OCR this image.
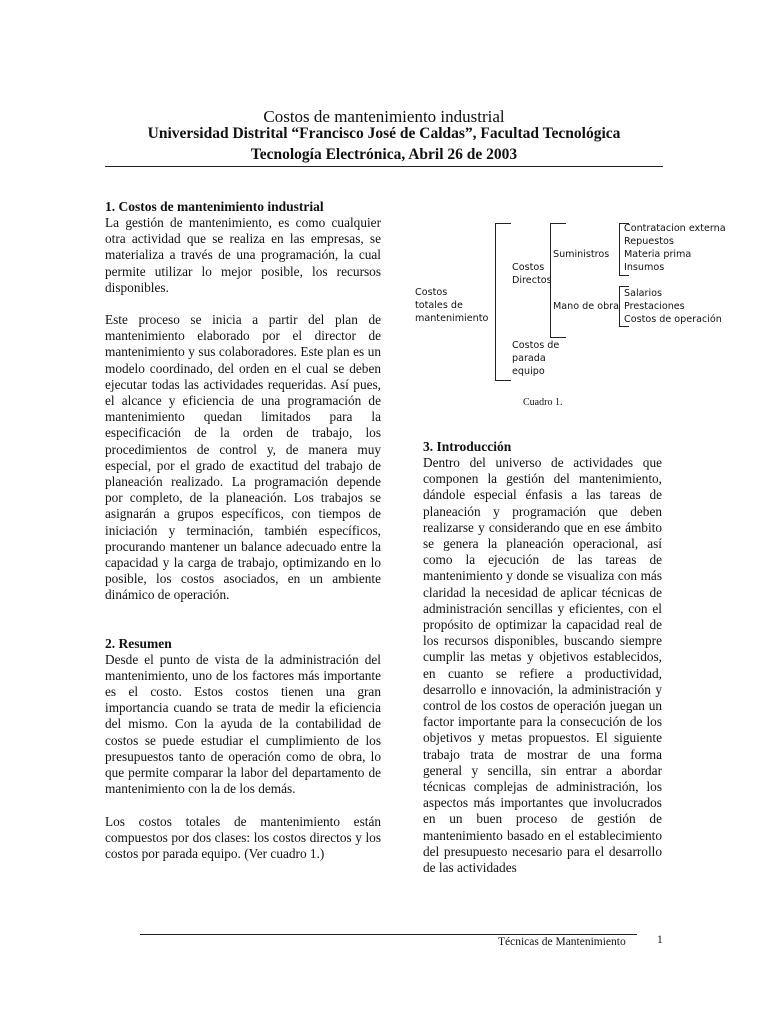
Costos de mantenimiento industrial
Universidad Distrital “Francisco José de Caldas”, Facultad Tecnológica
Tecnología Electrónica, Abril 26 de 2003
1. Costos de mantenimiento industrial

La gestión de mantenimiento, es como cualquier otra actividad que se realiza en las empresas, se materializa a través de una programación, la cual permite utilizar lo mejor posible, los recursos disponibles.

Este proceso se inicia a partir del plan de mantenimiento elaborado por el director de mantenimiento y sus colaboradores. Este plan es un modelo coordinado, del orden en el cual se deben ejecutar todas las actividades requeridas. Así pues, el alcance y eficiencia de una programación de mantenimiento quedan limitados para la especificación de la orden de trabajo, los procedimientos de control y, de manera muy especial, por el grado de exactitud del trabajo de planeación realizado. La programación depende por completo, de la planeación. Los trabajos se asignarán a grupos específicos, con tiempos de iniciación y terminación, también específicos, procurando mantener un balance adecuado entre la capacidad y la carga de trabajo, optimizando en lo posible, los costos asociados, en un ambiente dinámico de operación.

2. Resumen

Desde el punto de vista de la administración del mantenimiento, uno de los factores más importante es el costo. Estos costos tienen una gran importancia cuando se trata de medir la eficiencia del mismo. Con la ayuda de la contabilidad de costos se puede estudiar el cumplimiento de los presupuestos tanto de operación como de obra, lo que permite comparar la labor del departamento de mantenimiento con la de los demás.

Los costos totales de mantenimiento están compuestos por dos clases: los costos directos y los costos por parada equipo. (Ver cuadro 1.)

Costos
totales de
mantenimiento
Costos
Directos
Costos de
parada
equipo
Suministros
Mano de obra
Contratacion externa
Repuestos
Materia prima
Insumos
Salarios
Prestaciones
Costos de operación
Cuadro 1.
3. Introducción

Dentro del universo de actividades que componen la gestión del mantenimiento, dándole especial énfasis a las tareas de planeación y programación que deben realizarse y considerando que en ese ámbito se genera la planeación operacional, así como la ejecución de las tareas de mantenimiento y donde se visualiza con más claridad la necesidad de aplicar técnicas de administración sencillas y eficientes, con el propósito de optimizar la capacidad real de los recursos disponibles, buscando siempre cumplir las metas y objetivos establecidos, en cuanto se refiere a productividad, desarrollo e innovación, la administración y control de los costos de operación juegan un factor importante para la consecución de los objetivos y metas propuestos. El siguiente trabajo trata de mostrar de una forma general y sencilla, sin entrar a abordar técnicas complejas de administración, los aspectos más importantes que involucrados en un buen proceso de gestión de mantenimiento basado en el establecimiento del presupuesto necesario para el desarrollo de las actividades

Técnicas de Mantenimiento	1
